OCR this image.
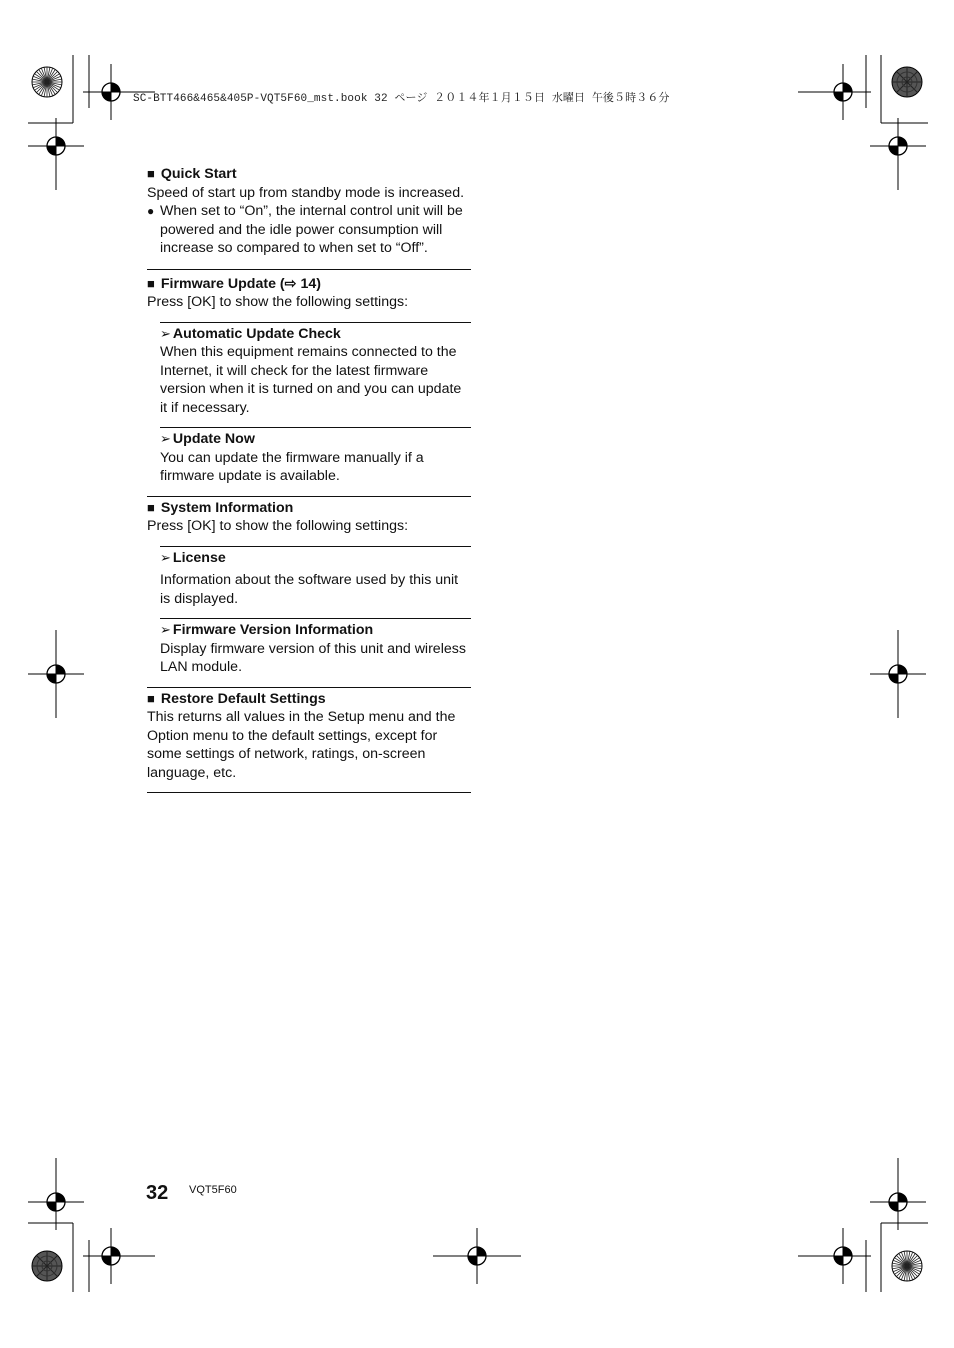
SC-BTT466&465&405P-VQT5F60_mst.book 32 ページ ２０１４年１月１５日 水曜日 午後５時３６分

■ Quick Start

Speed of start up from standby mode is increased.

● When set to “On”, the internal control unit will be powered and the idle power consumption will increase so compared to when set to “Off”.

■ Firmware Update (⇨ 14)

Press [OK] to show the following settings:

➢ Automatic Update Check

When this equipment remains connected to the Internet, it will check for the latest firmware version when it is turned on and you can update it if necessary.

➢ Update Now

You can update the firmware manually if a firmware update is available.

■ System Information

Press [OK] to show the following settings:

➢ License

Information about the software used by this unit is displayed.

➢ Firmware Version Information

Display firmware version of this unit and wireless LAN module.

■ Restore Default Settings

This returns all values in the Setup menu and the Option menu to the default settings, except for some settings of network, ratings, on-screen language, etc.

32 VQT5F60
